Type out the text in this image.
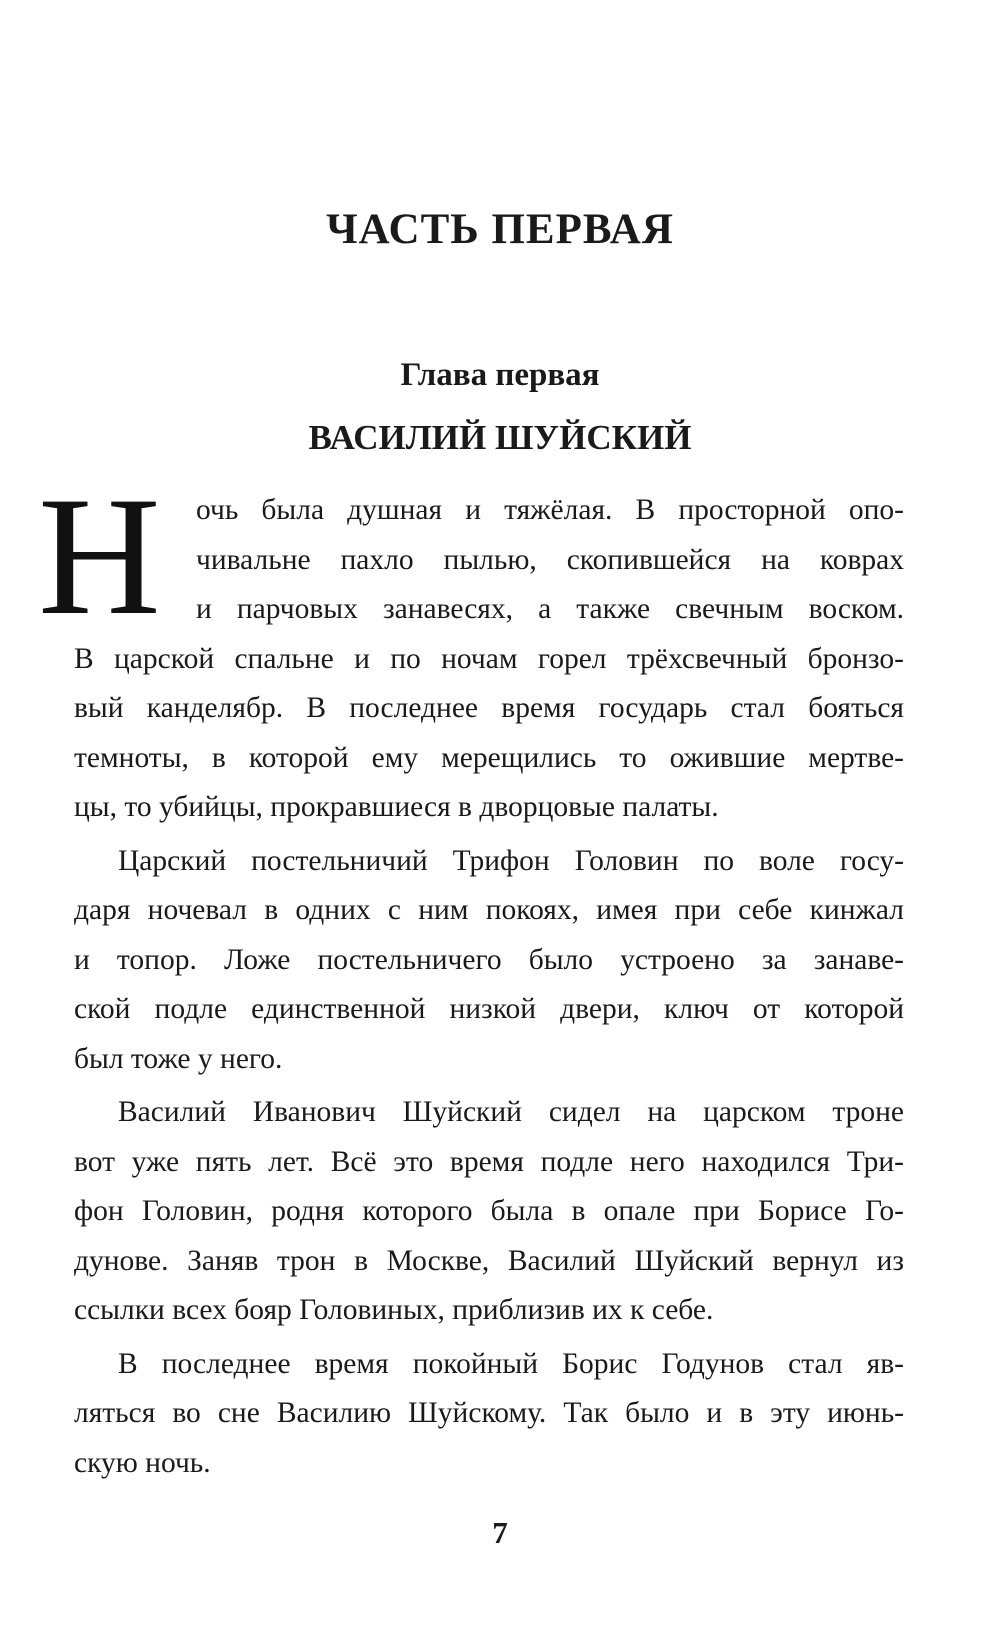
ЧАСТЬ ПЕРВАЯ
Глава первая
ВАСИЛИЙ ШУЙСКИЙ
Н	очь была душная и тяжёлая. В просторной опо-
чивальне пахло пылью, скопившейся на коврах
и парчовых занавесях, а также свечным воском.
В царской спальне и по ночам горел трёхсвечный бронзо-
вый канделябр. В последнее время государь стал бояться
темноты, в которой ему мерещились то ожившие мертве-
цы, то убийцы, прокравшиеся в дворцовые палаты.
Царский постельничий Трифон Головин по воле госу-
даря ночевал в одних с ним покоях, имея при себе кинжал
и топор. Ложе постельничего было устроено за занаве-
ской подле единственной низкой двери, ключ от которой
был тоже у него.
Василий Иванович Шуйский сидел на царском троне
вот уже пять лет. Всё это время подле него находился Три-
фон Головин, родня которого была в опале при Борисе Го-
дунове. Заняв трон в Москве, Василий Шуйский вернул из
ссылки всех бояр Головиных, приблизив их к себе.
В последнее время покойный Борис Годунов стал яв-
ляться во сне Василию Шуйскому. Так было и в эту июнь-
скую ночь.
7
